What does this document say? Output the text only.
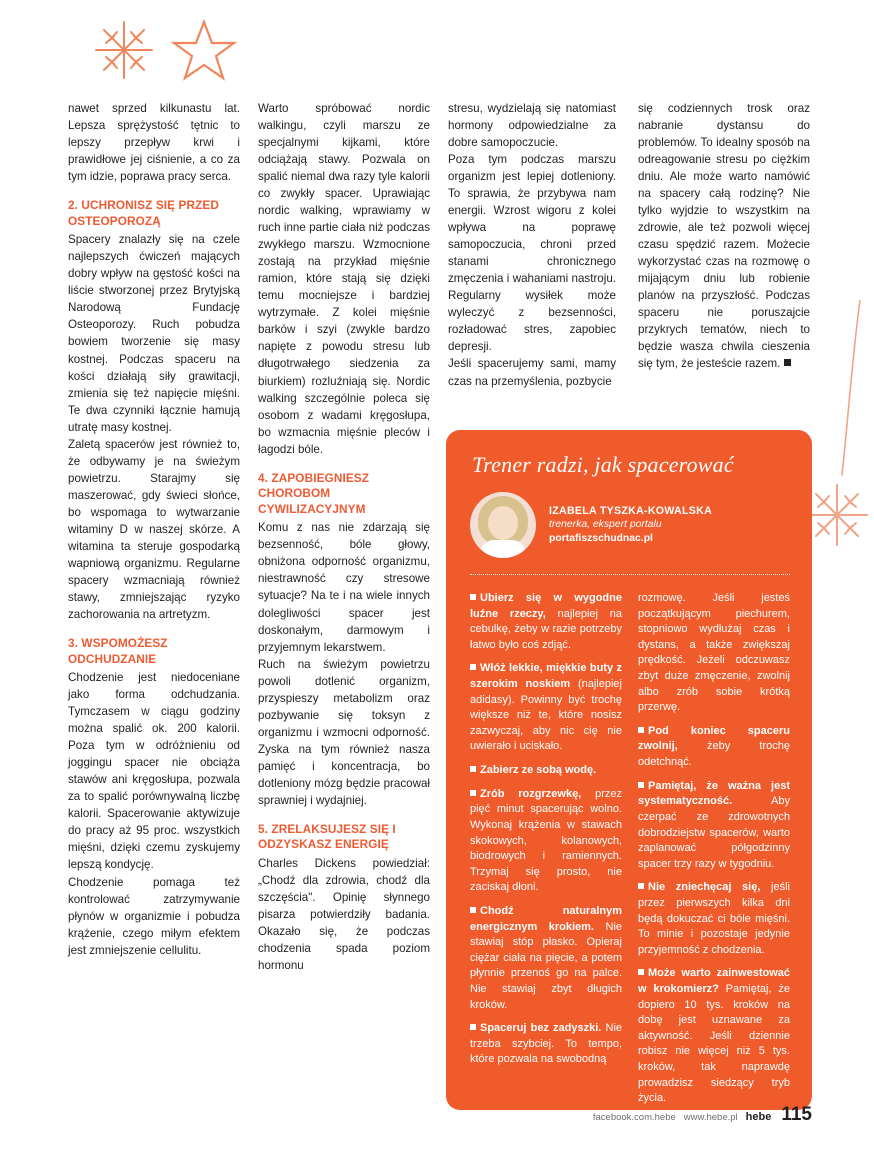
nawet sprzed kilkunastu lat. Lepsza sprężystość tętnic to lepszy przepływ krwi i prawidłowe jej ciśnienie, a co za tym idzie, poprawa pracy serca.

2. UCHRONISZ SIĘ PRZED OSTEOPOROZĄ

Spacery znalazły się na czele najlepszych ćwiczeń mających dobry wpływ na gęstość kości na liście stworzonej przez Brytyjską Narodową Fundację Osteoporozy. Ruch pobudza bowiem tworzenie się masy kostnej. Podczas spaceru na kości działają siły grawitacji, zmienia się też napięcie mięśni. Te dwa czynniki łącznie hamują utratę masy kostnej.

Zaletą spacerów jest również to, że odbywamy je na świeżym powietrzu. Starajmy się maszerować, gdy świeci słońce, bo wspomaga to wytwarzanie witaminy D w naszej skórze. A witamina ta steruje gospodarką wapniową organizmu. Regularne spacery wzmacniają również stawy, zmniejszając ryzyko zachorowania na artretyzm.

3. WSPOMOŻESZ ODCHUDZANIE

Chodzenie jest niedoceniane jako forma odchudzania. Tymczasem w ciągu godziny można spalić ok. 200 kalorii. Poza tym w odróżnieniu od joggingu spacer nie obciąża stawów ani kręgosłupa, pozwala za to spalić porównywalną liczbę kalorii. Spacerowanie aktywizuje do pracy aż 95 proc. wszystkich mięśni, dzięki czemu zyskujemy lepszą kondycję.

Chodzenie pomaga też kontrolować zatrzymywanie płynów w organizmie i pobudza krążenie, czego miłym efektem jest zmniejszenie cellulitu.

Warto spróbować nordic walkingu, czyli marszu ze specjalnymi kijkami, które odciążają stawy. Pozwala on spalić niemal dwa razy tyle kalorii co zwykły spacer. Uprawiając nordic walking, wprawiamy w ruch inne partie ciała niż podczas zwykłego marszu. Wzmocnione zostają na przykład mięśnie ramion, które stają się dzięki temu mocniejsze i bardziej wytrzymałe. Z kolei mięśnie barków i szyi (zwykle bardzo napięte z powodu stresu lub długotrwałego siedzenia za biurkiem) rozluźniają się. Nordic walking szczególnie poleca się osobom z wadami kręgosłupa, bo wzmacnia mięśnie pleców i łagodzi bóle.

4. ZAPOBIEGNIESZ CHOROBOM CYWILIZACYJNYM

Komu z nas nie zdarzają się bezsenność, bóle głowy, obniżona odporność organizmu, niestrawność czy stresowe sytuacje? Na te i na wiele innych dolegliwości spacer jest doskonałym, darmowym i przyjemnym lekarstwem.

Ruch na świeżym powietrzu powoli dotlenić organizm, przyspieszy metabolizm oraz pozbywanie się toksyn z organizmu i wzmocni odporność. Zyska na tym również nasza pamięć i koncentracja, bo dotleniony mózg będzie pracował sprawniej i wydajniej.

5. ZRELAKSUJESZ SIĘ I ODZYSKASZ ENERGIĘ

Charles Dickens powiedział: „Chodź dla zdrowia, chodź dla szczęścia". Opinię słynnego pisarza potwierdziły badania. Okazało się, że podczas chodzenia spada poziom hormonu

stresu, wydzielają się natomiast hormony odpowiedzialne za dobre samopoczucie.

Poza tym podczas marszu organizm jest lepiej dotleniony. To sprawia, że przybywa nam energii. Wzrost wigoru z kolei wpływa na poprawę samopoczucia, chroni przed stanami chronicznego zmęczenia i wahaniami nastroju. Regularny wysiłek może wyleczyć z bezsenności, rozładować stres, zapobiec depresji.

Jeśli spacerujemy sami, mamy czas na przemyślenia, pozbycie

się codziennych trosk oraz nabranie dystansu do problemów. To idealny sposób na odreagowanie stresu po ciężkim dniu. Ale może warto namówić na spacery całą rodzinę? Nie tylko wyjdzie to wszystkim na zdrowie, ale też pozwoli więcej czasu spędzić razem. Możecie wykorzystać czas na rozmowę o mijającym dniu lub robienie planów na przyszłość. Podczas spaceru nie poruszajcie przykrych tematów, niech to będzie wasza chwila cieszenia się tym, że jesteście razem.

Trener radzi, jak spacerować
IZABELA TYSZKA-KOWALSKA
trenerka, ekspert portalu
portafiszschudnac.pl
Ubierz się w wygodne luźne rzeczy, najlepiej na cebulkę, żeby w razie potrzeby łatwo było coś zdjąć.
Włóż lekkie, miękkie buty z szerokim noskiem (najlepiej adidasy). Powinny być trochę większe niż te, które nosisz zazwyczaj, aby nic cię nie uwierało i uciskało.
Zabierz ze sobą wodę.
Zrób rozgrzewkę, przez pięć minut spacerując wolno. Wykonaj krążenia w stawach skokowych, kolanowych, biodrowych i ramiennych. Trzymaj się prosto, nie zaciskaj dłoni.
Chodź naturalnym energicznym krokiem. Nie stawiaj stóp płasko. Opieraj ciężar ciała na pięcie, a potem płynnie przenoś go na palce. Nie stawiaj zbyt długich kroków.
Spaceruj bez zadyszki. Nie trzeba szybciej. To tempo, które pozwala na swobodną
rozmowę. Jeśli jesteś początkującym piechurem, stopniowo wydłużaj czas i dystans, a także zwiększaj prędkość. Jeżeli odczuwasz zbyt duże zmęczenie, zwolnij albo zrób sobie krótką przerwę.
Pod koniec spaceru zwolnij, żeby trochę odetchnąć.
Pamiętaj, że ważna jest systematyczność. Aby czerpać ze zdrowotnych dobrodziejstw spacerów, warto zaplanować półgodzinny spacer trzy razy w tygodniu.
Nie zniechęcaj się, jeśli przez pierwszych kilka dni będą dokuczać ci bóle mięśni. To minie i pozostaje jedynie przyjemność z chodzenia.
Może warto zainwestować w krokomierz? Pamiętaj, że dopiero 10 tys. kroków na dobę jest uznawane za aktywność. Jeśli dziennie robisz nie więcej niż 5 tys. kroków, tak naprawdę prowadzisz siedzący tryb życia.
facebook.com.hebe www.hebe.pl hebe 115
